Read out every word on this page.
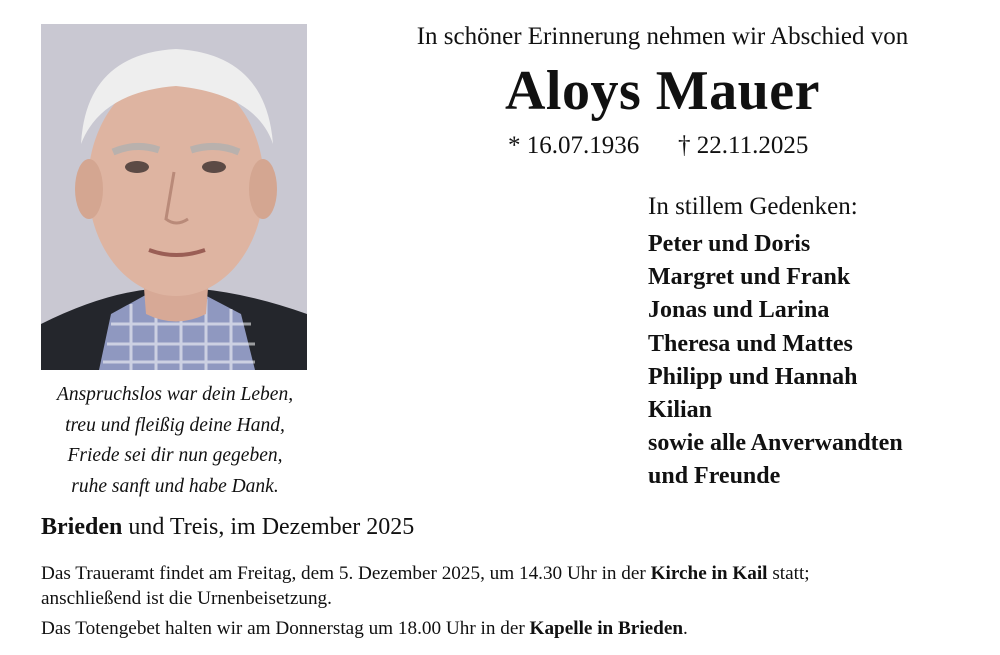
Anspruchslos war dein Leben,
treu und fleißig deine Hand,
Friede sei dir nun gegeben,
ruhe sanft und habe Dank.
In schöner Erinnerung nehmen wir Abschied von
Aloys Mauer
* 16.07.1936 † 22.11.2025
In stillem Gedenken:
Peter und Doris
Margret und Frank
Jonas und Larina
Theresa und Mattes
Philipp und Hannah
Kilian
sowie alle Anverwandten
und Freunde
Brieden und Treis, im Dezember 2025
Das Traueramt findet am Freitag, dem 5. Dezember 2025, um 14.30 Uhr in der Kirche in Kail statt;
anschließend ist die Urnenbeisetzung.
Das Totengebet halten wir am Donnerstag um 18.00 Uhr in der Kapelle in Brieden.
